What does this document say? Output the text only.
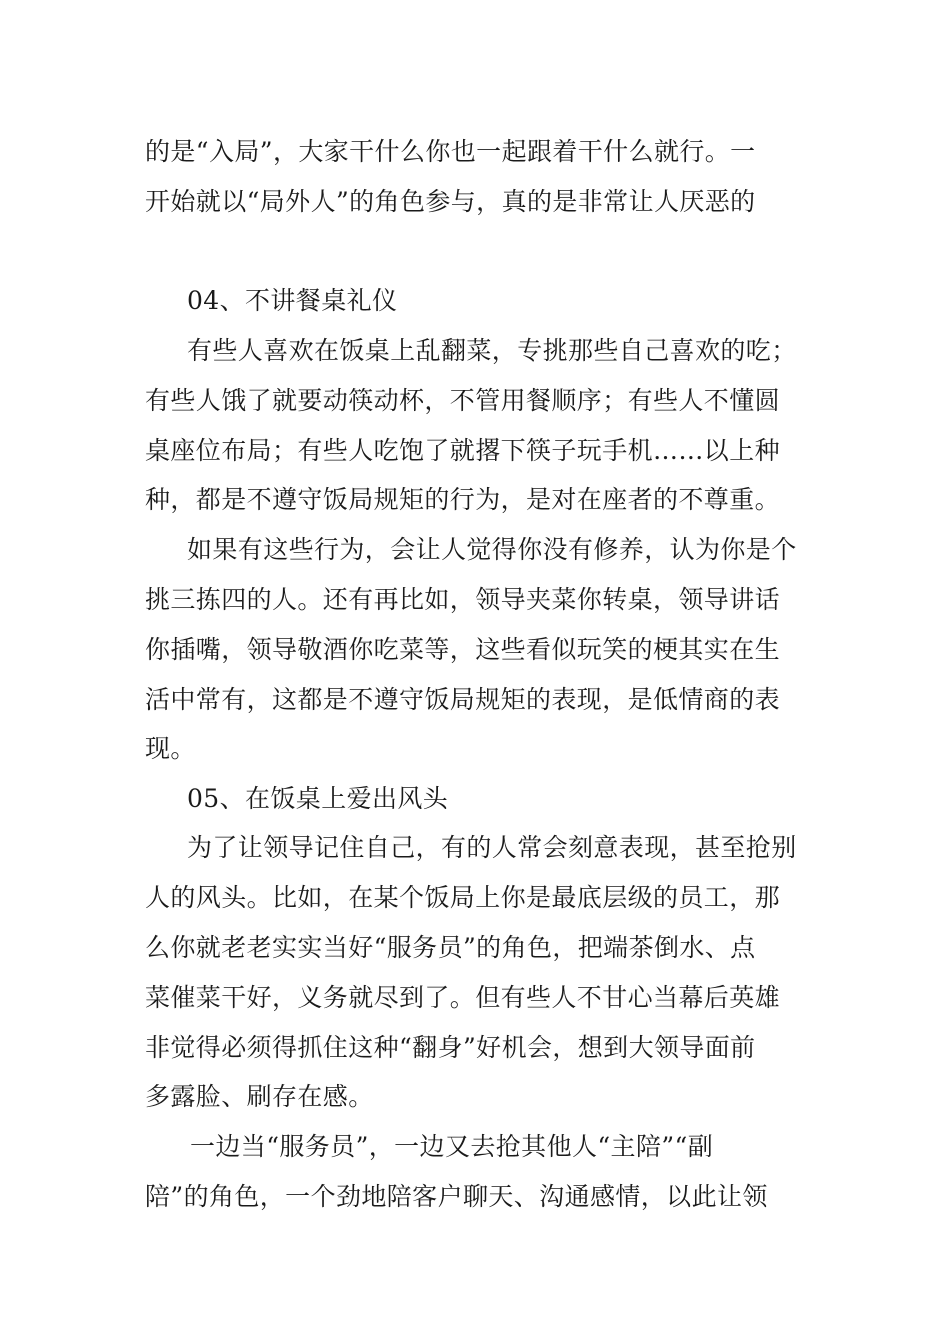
的是“入局”，大家干什么你也一起跟着干什么就行。一
开始就以“局外人”的角色参与，真的是非常让人厌恶的
04、不讲餐桌礼仪
有些人喜欢在饭桌上乱翻菜，专挑那些自己喜欢的吃；
有些人饿了就要动筷动杯，不管用餐顺序；有些人不懂圆
桌座位布局；有些人吃饱了就撂下筷子玩手机……以上种
种，都是不遵守饭局规矩的行为，是对在座者的不尊重。
如果有这些行为，会让人觉得你没有修养，认为你是个
挑三拣四的人。还有再比如，领导夹菜你转桌，领导讲话
你插嘴，领导敬酒你吃菜等，这些看似玩笑的梗其实在生
活中常有，这都是不遵守饭局规矩的表现，是低情商的表
现。
05、在饭桌上爱出风头
为了让领导记住自己，有的人常会刻意表现，甚至抢别
人的风头。比如，在某个饭局上你是最底层级的员工，那
么你就老老实实当好“服务员”的角色，把端茶倒水、点
菜催菜干好，义务就尽到了。但有些人不甘心当幕后英雄
非觉得必须得抓住这种“翻身”好机会，想到大领导面前
多露脸、刷存在感。
一边当“服务员”，一边又去抢其他人“主陪”“副
陪”的角色，一个劲地陪客户聊天、沟通感情，以此让领
